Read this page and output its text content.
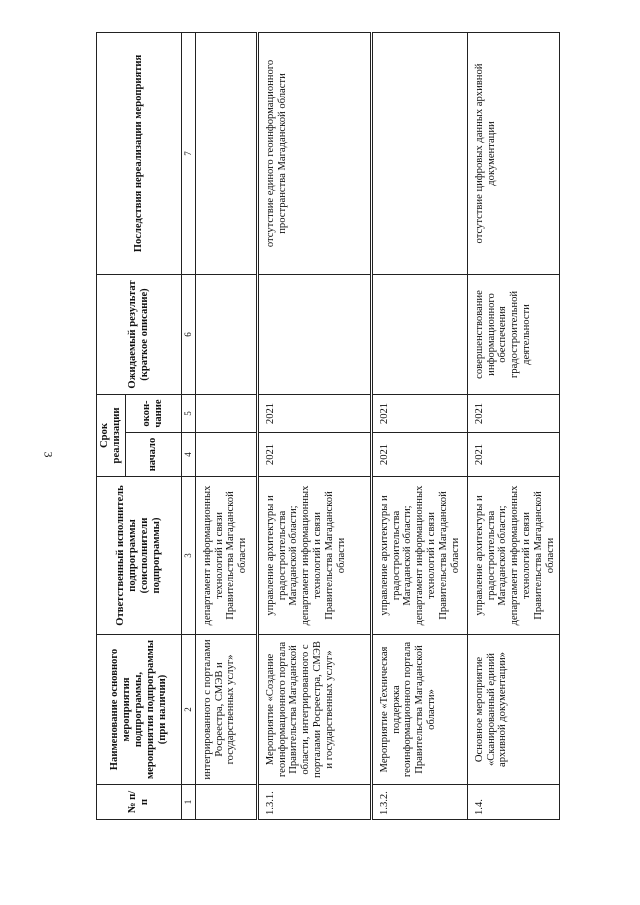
3
№ п/п	Наименование основного мероприятия подпрограммы, мероприятия подпрограммы (при наличии)	Ответственный исполнитель подпрограммы (соисполнители подпрограммы)	Срок реализации		Ожидаемый результат (краткое описание)	Последствия нереализации мероприятия
			начало	окон-чание		
1	2	3	4	5	6	7
	интегрированного с порталами Росреестра, СМЭВ и государственных услуг»	департамент информационных технологий и связи Правительства Магаданской области				
1.3.1.	Мероприятие «Создание геоинформационного портала Правительства Магаданской области, интегрированного с порталами Росреестра, СМЭВ и государственных услуг»	управление архитектуры и градостроительства Магаданской области; департамент информационных технологий и связи Правительства Магаданской области	2021	2021		отсутствие единого геоинформационного пространства Магаданской области
1.3.2.	Мероприятие «Техническая поддержка геоинформационного портала Правительства Магаданской области»	управление архитектуры и градостроительства Магаданской области; департамент информационных технологий и связи Правительства Магаданской области	2021	2021		
1.4.	Основное мероприятие «Сканированный единий архивной документации»	управление архитектуры и градостроительства Магаданской области; департамент информационных технологий и связи Правительства Магаданской области	2021	2021	совершенствование информационного обеспечения градостроительной деятельности	отсутствие цифровых данных архивной документации
